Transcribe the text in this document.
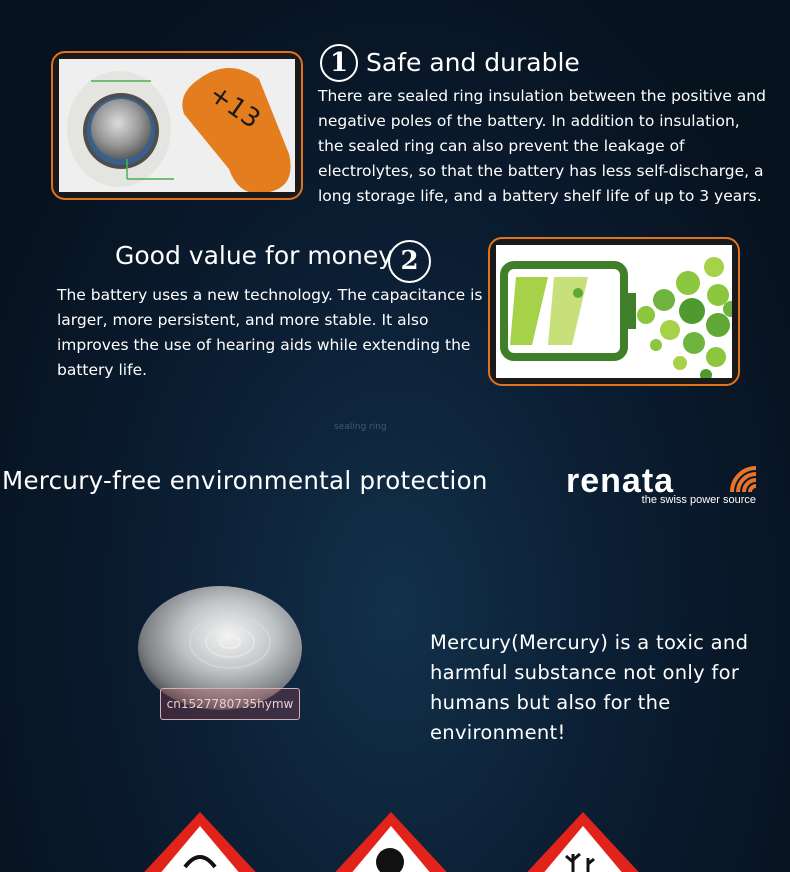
+13
1 Safe and durable
There are sealed ring insulation between the positive and negative poles of the battery. In addition to insulation, the sealed ring can also prevent the leakage of electrolytes, so that the battery has less self-discharge, a long storage life, and a battery shelf life of up to 3 years.
Good value for money 2
The battery uses a new technology. The capacitance is larger, more persistent, and more stable. It also improves the use of hearing aids while extending the battery life.
sealing ring
Mercury-free environmental protection renata
the swiss power source
cn1527780735hymw
Mercury(Mercury) is a toxic and harmful substance not only for humans but also for the environment!
